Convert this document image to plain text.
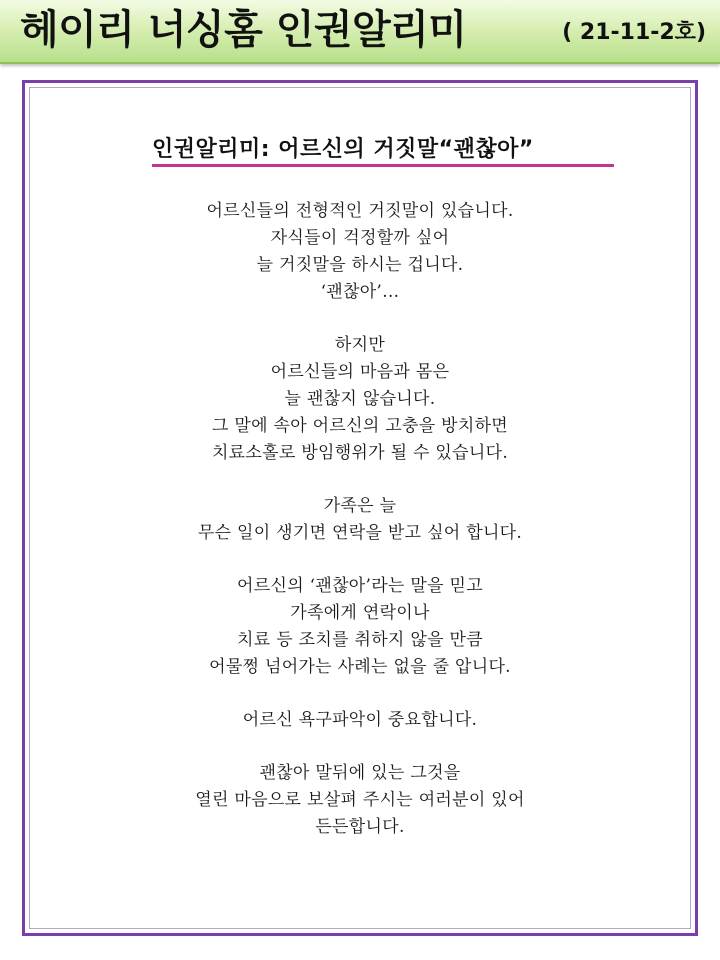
헤이리 너싱홈 인권알리미	( 21-11-2호)
인권알리미: 어르신의 거짓말“괜찮아”
어르신들의 전형적인 거짓말이 있습니다.
자식들이 걱정할까 싶어
늘 거짓말을 하시는 겁니다.
‘괜찮아’…
하지만
어르신들의 마음과 몸은
늘 괜찮지 않습니다.
그 말에 속아 어르신의 고충을 방치하면
치료소홀로 방임행위가 될 수 있습니다.
가족은 늘
무슨 일이 생기면 연락을 받고 싶어 합니다.
어르신의 ‘괜찮아’라는 말을 믿고
가족에게 연락이나
치료 등 조치를 취하지 않을 만큼
어물쩡 넘어가는 사례는 없을 줄 압니다.
어르신 욕구파악이 중요합니다.
괜찮아 말뒤에 있는 그것을
열린 마음으로 보살펴 주시는 여러분이 있어
든든합니다.
